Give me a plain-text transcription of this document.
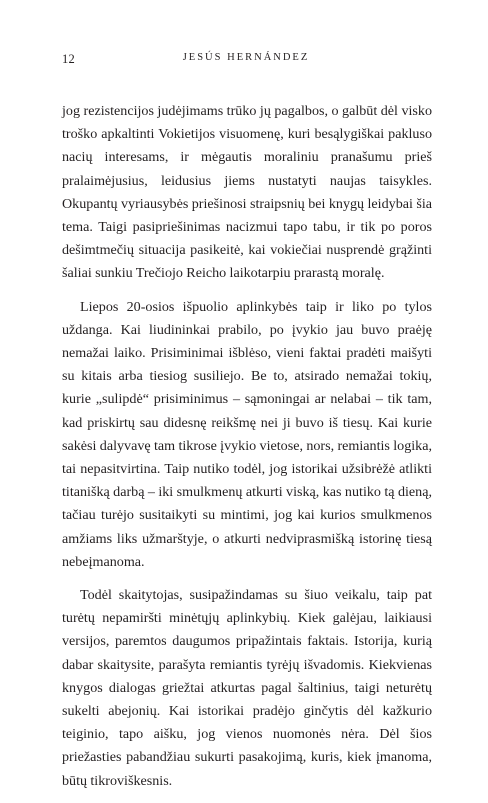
12	JESÚS HERNÁNDEZ

jog rezistencijos judėjimams trūko jų pagalbos, o galbūt dėl visko troško apkaltinti Vokietijos visuomenę, kuri besąlygiškai pakluso nacių interesams, ir mėgautis moraliniu pranašumu prieš pralaimėjusius, leidusius jiems nustatyti naujas taisykles. Okupantų vyriausybės priešinosi straipsnių bei knygų leidybai šia tema. Taigi pasipriešinimas nacizmui tapo tabu, ir tik po poros dešimtmečių situacija pasikeitė, kai vokiečiai nusprendė grąžinti šaliai sunkiu Trečiojo Reicho laikotarpiu prarastą moralę.

Liepos 20-osios išpuolio aplinkybės taip ir liko po tylos uždanga. Kai liudininkai prabilo, po įvykio jau buvo praėję nemažai laiko. Prisiminimai išblėso, vieni faktai pradėti maišyti su kitais arba tiesiog susiliejo. Be to, atsirado nemažai tokių, kurie „sulipdė“ prisiminimus – sąmoningai ar nelabai – tik tam, kad priskirtų sau didesnę reikšmę nei ji buvo iš tiesų. Kai kurie sakėsi dalyvavę tam tikrose įvykio vietose, nors, remiantis logika, tai nepasitvirtina. Taip nutiko todėl, jog istorikai užsibrėžė atlikti titanišką darbą – iki smulkmenų atkurti viską, kas nutiko tą dieną, tačiau turėjo susitaikyti su mintimi, jog kai kurios smulkmenos amžiams liks užmarštyje, o atkurti nedviprasmišką istorinę tiesą nebeįmanoma.

Todėl skaitytojas, susipažindamas su šiuo veikalu, taip pat turėtų nepamiršti minėtųjų aplinkybių. Kiek galėjau, laikiausi versijos, paremtos daugumos pripažintais faktais. Istorija, kurią dabar skaitysite, parašyta remiantis tyrėjų išvadomis. Kiekvienas knygos dialogas griežtai atkurtas pagal šaltinius, taigi neturėtų sukelti abejonių. Kai istorikai pradėjo ginčytis dėl kažkurio teiginio, tapo aišku, jog vienos nuomonės nėra. Dėl šios priežasties pabandžiau sukurti pasakojimą, kuris, kiek įmanoma, būtų tikroviškesnis.
